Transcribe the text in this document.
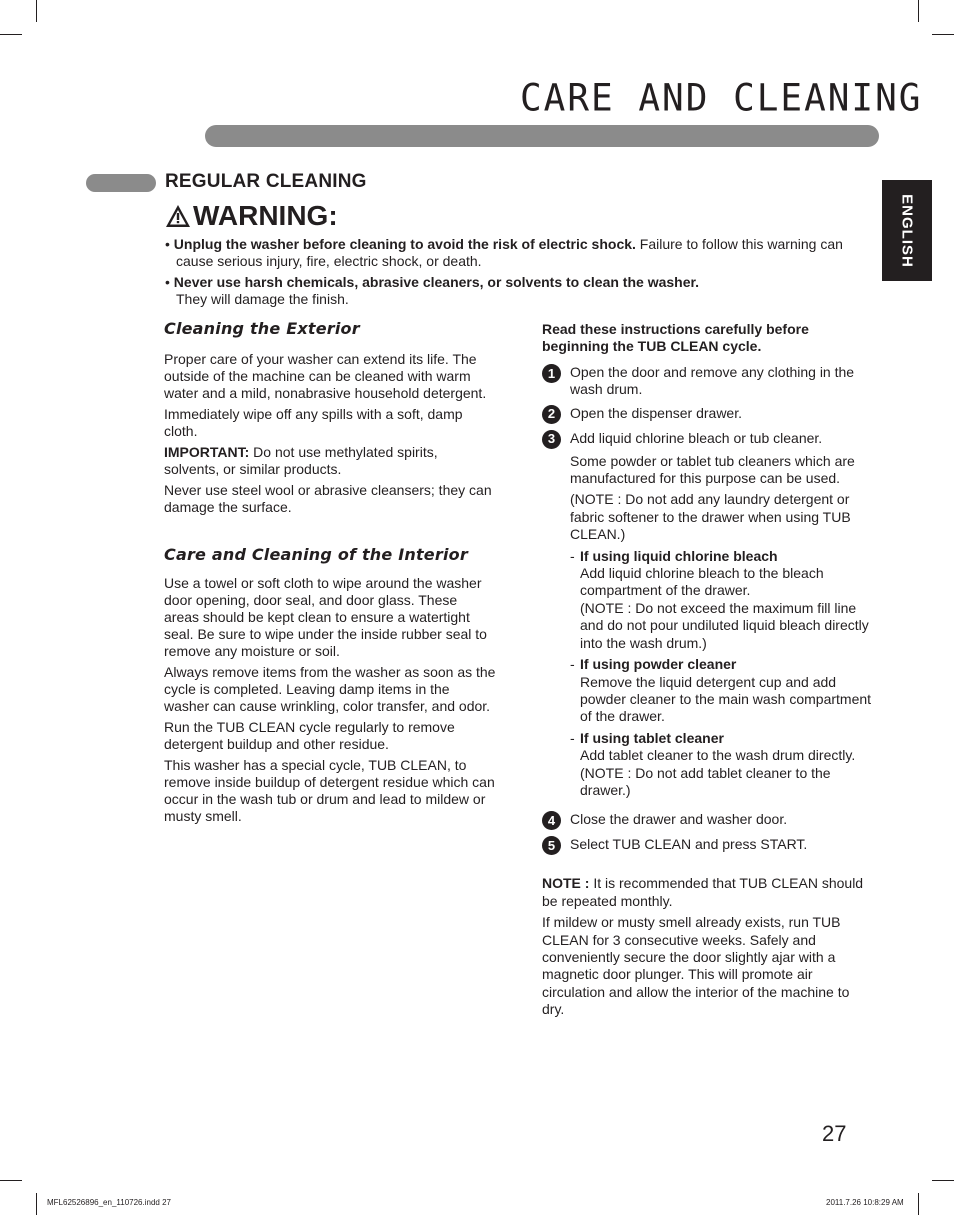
CARE AND CLEANING
ENGLISH
REGULAR CLEANING
WARNING:
• Unplug the washer before cleaning to avoid the risk of electric shock. Failure to follow this warning can cause serious injury, fire, electric shock, or death.
• Never use harsh chemicals, abrasive cleaners, or solvents to clean the washer.
They will damage the finish.
Cleaning the Exterior

Proper care of your washer can extend its life. The outside of the machine can be cleaned with warm water and a mild, nonabrasive household detergent.

Immediately wipe off any spills with a soft, damp cloth.

IMPORTANT: Do not use methylated spirits, solvents, or similar products.

Never use steel wool or abrasive cleansers; they can damage the surface.

Care and Cleaning of the Interior

Use a towel or soft cloth to wipe around the washer door opening, door seal, and door glass. These areas should be kept clean to ensure a watertight seal. Be sure to wipe under the inside rubber seal to remove any moisture or soil.

Always remove items from the washer as soon as the cycle is completed. Leaving damp items in the washer can cause wrinkling, color transfer, and odor.

Run the TUB CLEAN cycle regularly to remove detergent buildup and other residue.

This washer has a special cycle, TUB CLEAN, to remove inside buildup of detergent residue which can occur in the wash tub or drum and lead to mildew or musty smell.

Read these instructions carefully before beginning the TUB CLEAN cycle.

1	Open the door and remove any clothing in the wash drum.
2	Open the dispenser drawer.
3	Add liquid chlorine bleach or tub cleaner.

Some powder or tablet tub cleaners which are manufactured for this purpose can be used.

(NOTE : Do not add any laundry detergent or fabric softener to the drawer when using TUB CLEAN.)

- If using liquid chlorine bleach

Add liquid chlorine bleach to the bleach compartment of the drawer.

(NOTE : Do not exceed the maximum fill line and do not pour undiluted liquid bleach directly into the wash drum.)

- If using powder cleaner

Remove the liquid detergent cup and add powder cleaner to the main wash compartment of the drawer.

- If using tablet cleaner

Add tablet cleaner to the wash drum directly.

(NOTE : Do not add tablet cleaner to the drawer.)

4	Close the drawer and washer door.
5	Select TUB CLEAN and press START.

NOTE : It is recommended that TUB CLEAN should be repeated monthly.

If mildew or musty smell already exists, run TUB CLEAN for 3 consecutive weeks. Safely and conveniently secure the door slightly ajar with a magnetic door plunger. This will promote air circulation and allow the interior of the machine to dry.

27
MFL62526896_en_110726.indd 27	2011.7.26 10:8:29 AM
